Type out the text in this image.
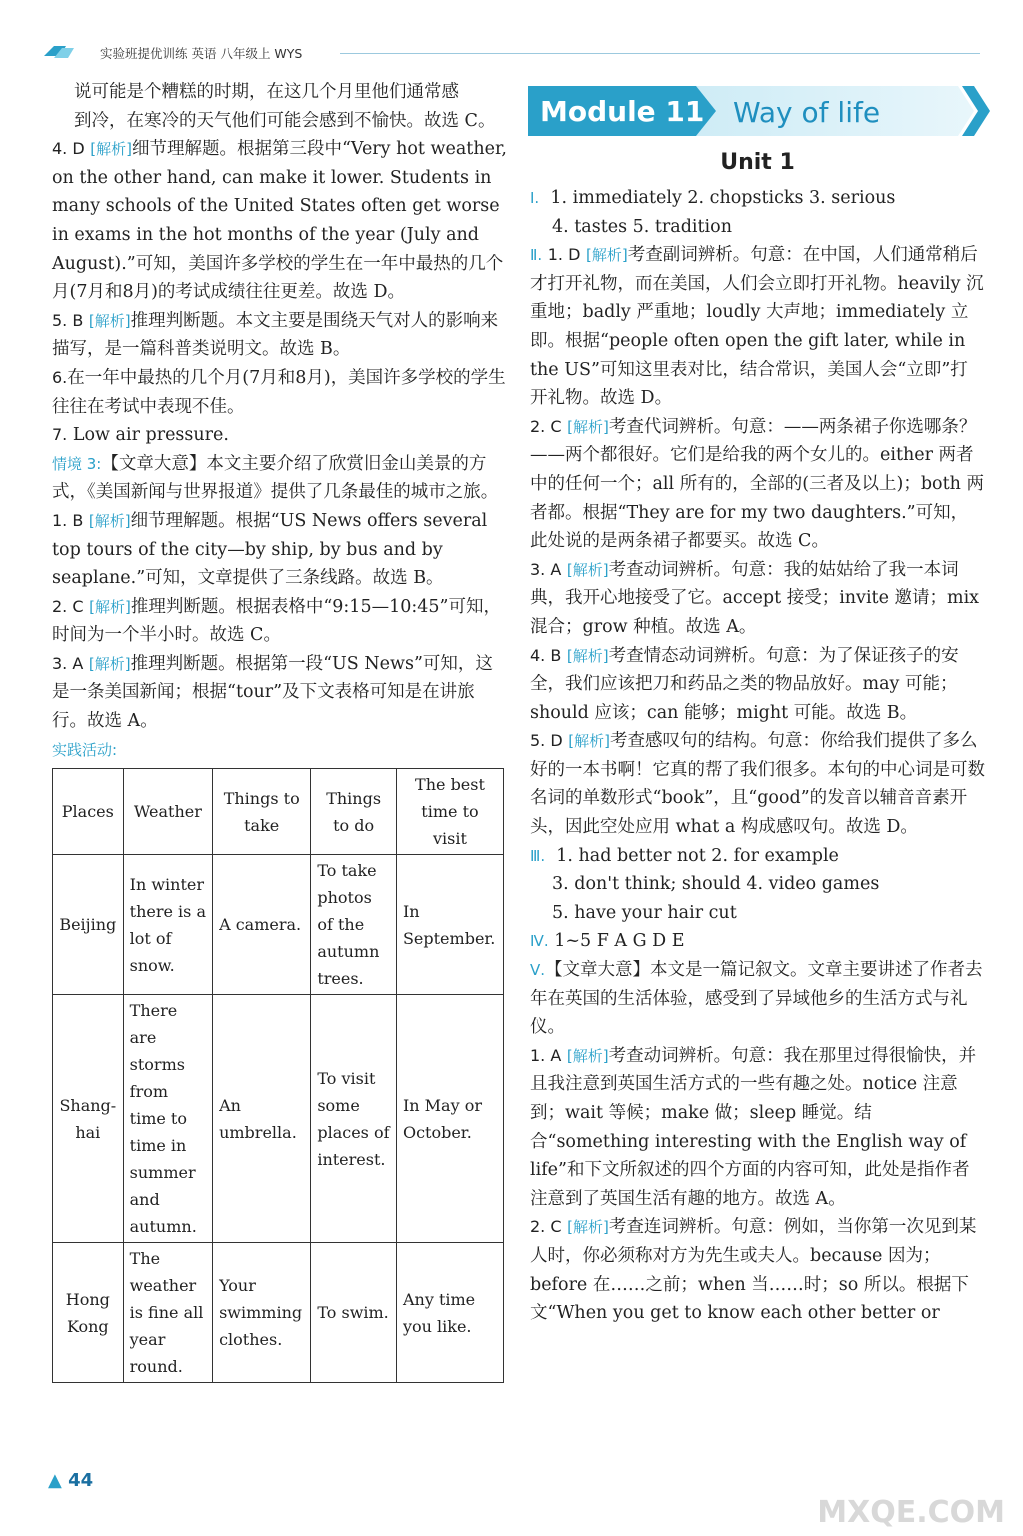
实验班提优训练 英语 八年级上 WYS

说可能是个糟糕的时期，在这几个月里他们通常感

到冷，在寒冷的天气他们可能会感到不愉快。故选 C。

4. D [解析]细节理解题。根据第三段中“Very hot weather, on the other hand, can make it lower. Students in many schools of the United States often get worse in exams in the hot months of the year (July and August).”可知，美国许多学校的学生在一年中最热的几个月(7月和8月)的考试成绩往往更差。故选 D。

5. B [解析]推理判断题。本文主要是围绕天气对人的影响来描写，是一篇科普类说明文。故选 B。

6.在一年中最热的几个月(7月和8月)，美国许多学校的学生往往在考试中表现不佳。

7. Low air pressure.

情境 3:【文章大意】本文主要介绍了欣赏旧金山美景的方式，《美国新闻与世界报道》提供了几条最佳的城市之旅。

1. B [解析]细节理解题。根据“US News offers several top tours of the city—by ship, by bus and by seaplane.”可知，文章提供了三条线路。故选 B。

2. C [解析]推理判断题。根据表格中“9:15—10:45”可知，时间为一个半小时。故选 C。

3. A [解析]推理判断题。根据第一段“US News”可知，这是一条美国新闻；根据“tour”及下文表格可知是在讲旅行。故选 A。

实践活动:

Places	Weather	Things to take	Things to do	The best time to visit
Beijing	In winter there is a lot of snow.	A camera.	To take photos of the autumn trees.	In September.
Shang-hai	There are storms from time to time in summer and autumn.	An umbrella.	To visit some places of interest.	In May or October.
Hong Kong	The weather is fine all year round.	Your swimming clothes.	To swim.	Any time you like.
Module 11 Way of life
Unit 1

Ⅰ. 1. immediately 2. chopsticks 3. serious

4. tastes 5. tradition

Ⅱ. 1. D [解析]考查副词辨析。句意：在中国，人们通常稍后才打开礼物，而在美国，人们会立即打开礼物。heavily 沉重地；badly 严重地；loudly 大声地；immediately 立即。根据“people often open the gift later, while in the US”可知这里表对比，结合常识，美国人会“立即”打开礼物。故选 D。

2. C [解析]考查代词辨析。句意：——两条裙子你选哪条？——两个都很好。它们是给我的两个女儿的。either 两者中的任何一个；all 所有的，全部的(三者及以上)；both 两者都。根据“They are for my two daughters.”可知，此处说的是两条裙子都要买。故选 C。

3. A [解析]考查动词辨析。句意：我的姑姑给了我一本词典，我开心地接受了它。accept 接受；invite 邀请；mix 混合；grow 种植。故选 A。

4. B [解析]考查情态动词辨析。句意：为了保证孩子的安全，我们应该把刀和药品之类的物品放好。may 可能；should 应该；can 能够；might 可能。故选 B。

5. D [解析]考查感叹句的结构。句意：你给我们提供了多么好的一本书啊！它真的帮了我们很多。本句的中心词是可数名词的单数形式“book”，且“good”的发音以辅音音素开头，因此空处应用 what a 构成感叹句。故选 D。

Ⅲ. 1. had better not 2. for example

3. don't think; should 4. video games

5. have your hair cut

Ⅳ. 1~5 F A G D E

Ⅴ.【文章大意】本文是一篇记叙文。文章主要讲述了作者去年在英国的生活体验，感受到了异域他乡的生活方式与礼仪。

1. A [解析]考查动词辨析。句意：我在那里过得很愉快，并且我注意到英国生活方式的一些有趣之处。notice 注意到；wait 等候；make 做；sleep 睡觉。结合“something interesting with the English way of life”和下文所叙述的四个方面的内容可知，此处是指作者注意到了英国生活有趣的地方。故选 A。

2. C [解析]考查连词辨析。句意：例如，当你第一次见到某人时，你必须称对方为先生或夫人。because 因为；before 在……之前；when 当……时；so 所以。根据下文“When you get to know each other better or

▲ 44
MXQE.COM
